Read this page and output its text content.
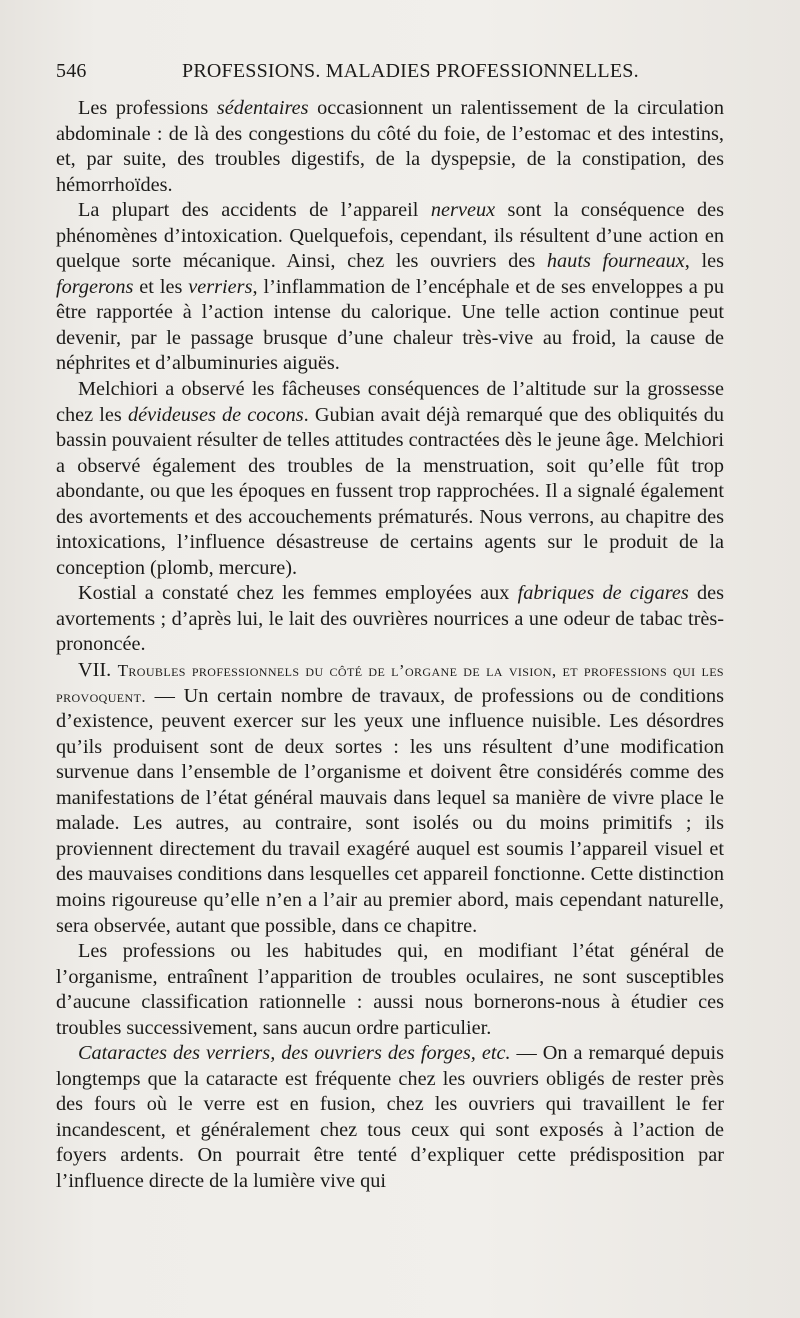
546	PROFESSIONS. MALADIES PROFESSIONNELLES.

Les professions sédentaires occasionnent un ralentissement de la circulation abdominale : de là des congestions du côté du foie, de l’estomac et des intestins, et, par suite, des troubles digestifs, de la dyspepsie, de la constipation, des hémorrhoïdes.

La plupart des accidents de l’appareil nerveux sont la conséquence des phénomènes d’intoxication. Quelquefois, cependant, ils résultent d’une action en quelque sorte mécanique. Ainsi, chez les ouvriers des hauts fourneaux, les forgerons et les verriers, l’inflammation de l’encéphale et de ses enveloppes a pu être rapportée à l’action intense du calorique. Une telle action continue peut devenir, par le passage brusque d’une chaleur très-vive au froid, la cause de néphrites et d’albuminuries aiguës.

Melchiori a observé les fâcheuses conséquences de l’altitude sur la grossesse chez les dévideuses de cocons. Gubian avait déjà remarqué que des obliquités du bassin pouvaient résulter de telles attitudes contractées dès le jeune âge. Melchiori a observé également des troubles de la menstruation, soit qu’elle fût trop abondante, ou que les époques en fussent trop rapprochées. Il a signalé également des avortements et des accouchements prématurés. Nous verrons, au chapitre des intoxications, l’influence désastreuse de certains agents sur le produit de la conception (plomb, mercure).

Kostial a constaté chez les femmes employées aux fabriques de cigares des avortements ; d’après lui, le lait des ouvrières nourrices a une odeur de tabac très-prononcée.

VII. Troubles professionnels du côté de l’organe de la vision, et professions qui les provoquent. — Un certain nombre de travaux, de professions ou de conditions d’existence, peuvent exercer sur les yeux une influence nuisible. Les désordres qu’ils produisent sont de deux sortes : les uns résultent d’une modification survenue dans l’ensemble de l’organisme et doivent être considérés comme des manifestations de l’état général mauvais dans lequel sa manière de vivre place le malade. Les autres, au contraire, sont isolés ou du moins primitifs ; ils proviennent directement du travail exagéré auquel est soumis l’appareil visuel et des mauvaises conditions dans lesquelles cet appareil fonctionne. Cette distinction moins rigoureuse qu’elle n’en a l’air au premier abord, mais cependant naturelle, sera observée, autant que possible, dans ce chapitre.

Les professions ou les habitudes qui, en modifiant l’état général de l’organisme, entraînent l’apparition de troubles oculaires, ne sont susceptibles d’aucune classification rationnelle : aussi nous bornerons-nous à étudier ces troubles successivement, sans aucun ordre particulier.

Cataractes des verriers, des ouvriers des forges, etc. — On a remarqué depuis longtemps que la cataracte est fréquente chez les ouvriers obligés de rester près des fours où le verre est en fusion, chez les ouvriers qui travaillent le fer incandescent, et généralement chez tous ceux qui sont exposés à l’action de foyers ardents. On pourrait être tenté d’expliquer cette prédisposition par l’influence directe de la lumière vive qui
